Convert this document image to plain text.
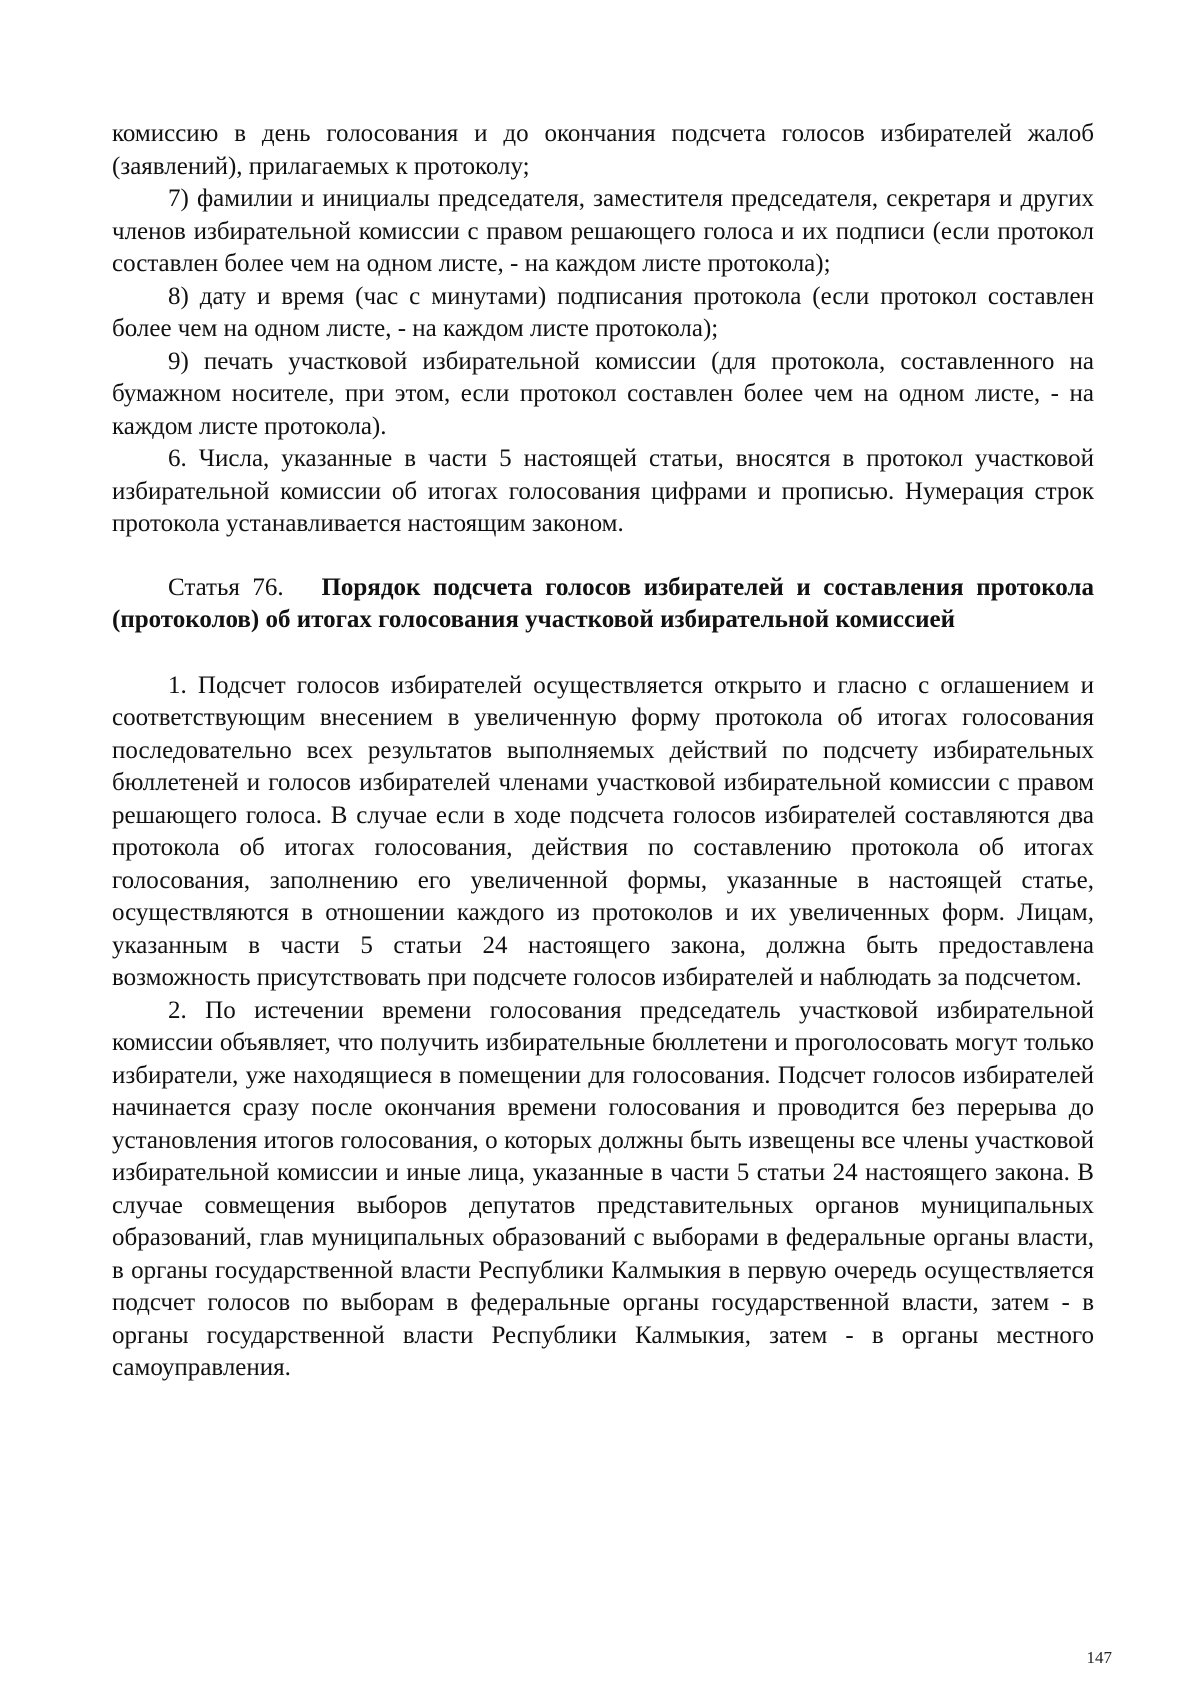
комиссию в день голосования и до окончания подсчета голосов избирателей жалоб (заявлений), прилагаемых к протоколу;

7) фамилии и инициалы председателя, заместителя председателя, секретаря и других членов избирательной комиссии с правом решающего голоса и их подписи (если протокол составлен более чем на одном листе, - на каждом листе протокола);

8) дату и время (час с минутами) подписания протокола (если протокол составлен более чем на одном листе, - на каждом листе протокола);

9) печать участковой избирательной комиссии (для протокола, составленного на бумажном носителе, при этом, если протокол составлен более чем на одном листе, - на каждом листе протокола).

6. Числа, указанные в части 5 настоящей статьи, вносятся в протокол участковой избирательной комиссии об итогах голосования цифрами и прописью. Нумерация строк протокола устанавливается настоящим законом.

Статья 76. Порядок подсчета голосов избирателей и составления протокола (протоколов) об итогах голосования участковой избирательной комиссией

1. Подсчет голосов избирателей осуществляется открыто и гласно с оглашением и соответствующим внесением в увеличенную форму протокола об итогах голосования последовательно всех результатов выполняемых действий по подсчету избирательных бюллетеней и голосов избирателей членами участковой избирательной комиссии с правом решающего голоса. В случае если в ходе подсчета голосов избирателей составляются два протокола об итогах голосования, действия по составлению протокола об итогах голосования, заполнению его увеличенной формы, указанные в настоящей статье, осуществляются в отношении каждого из протоколов и их увеличенных форм. Лицам, указанным в части 5 статьи 24 настоящего закона, должна быть предоставлена возможность присутствовать при подсчете голосов избирателей и наблюдать за подсчетом.

2. По истечении времени голосования председатель участковой избирательной комиссии объявляет, что получить избирательные бюллетени и проголосовать могут только избиратели, уже находящиеся в помещении для голосования. Подсчет голосов избирателей начинается сразу после окончания времени голосования и проводится без перерыва до установления итогов голосования, о которых должны быть извещены все члены участковой избирательной комиссии и иные лица, указанные в части 5 статьи 24 настоящего закона. В случае совмещения выборов депутатов представительных органов муниципальных образований, глав муниципальных образований с выборами в федеральные органы власти, в органы государственной власти Республики Калмыкия в первую очередь осуществляется подсчет голосов по выборам в федеральные органы государственной власти, затем - в органы государственной власти Республики Калмыкия, затем - в органы местного самоуправления.

147
